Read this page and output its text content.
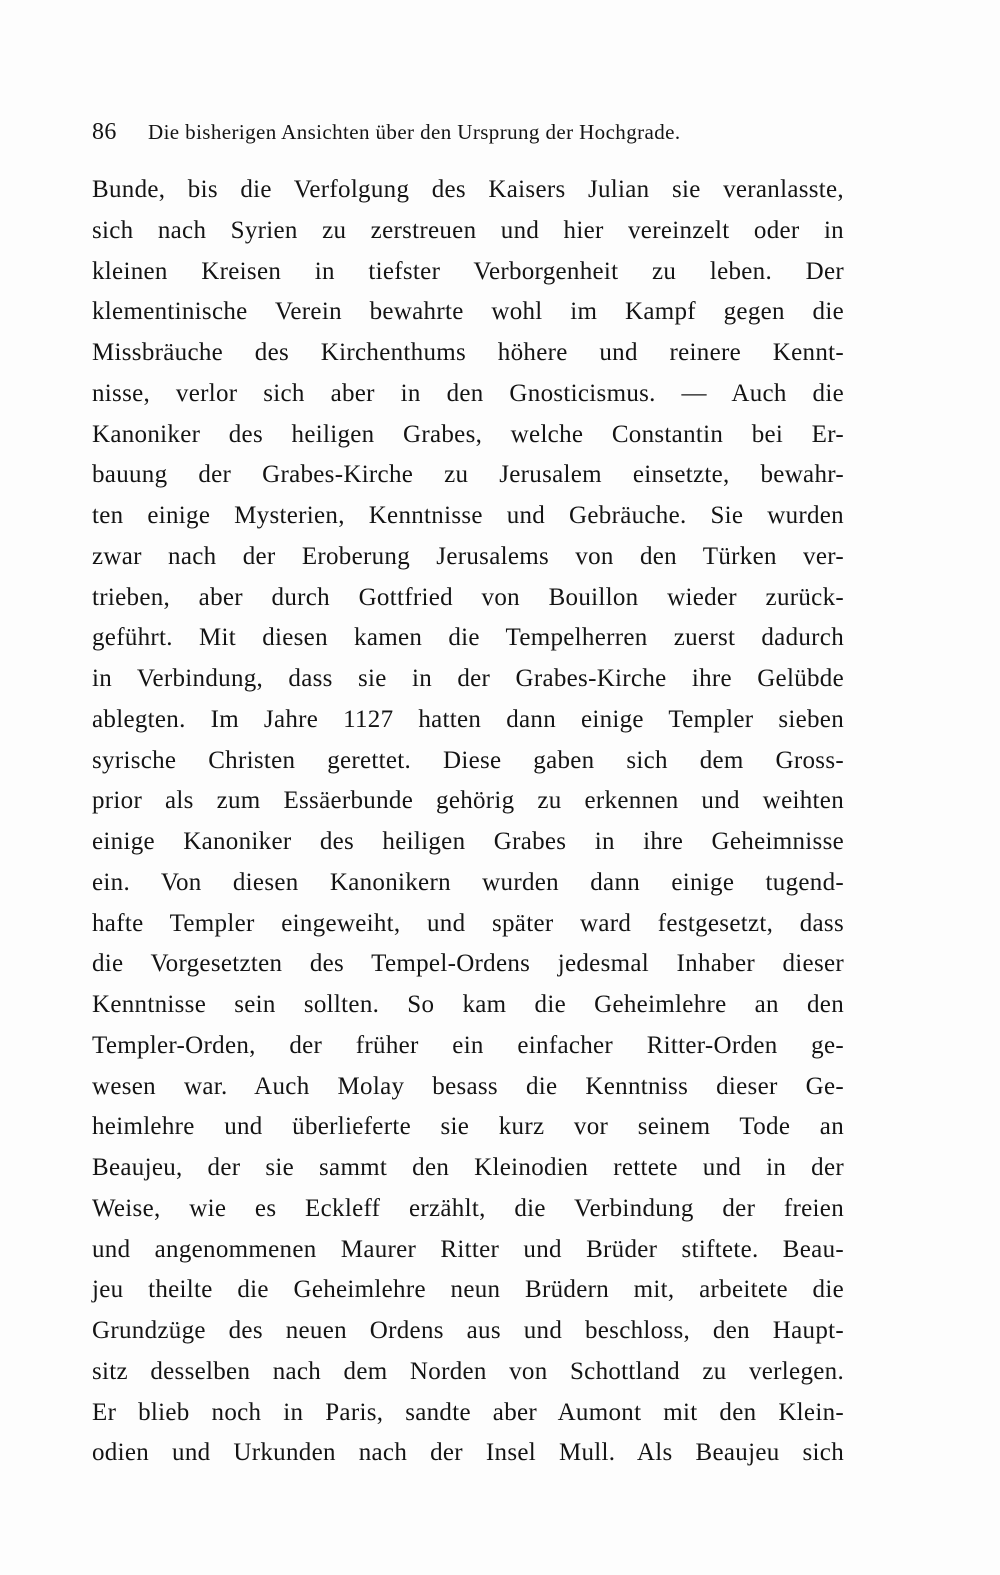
86 Die bisherigen Ansichten über den Ursprung der Hochgrade.
Bunde, bis die Verfolgung des Kaisers Julian sie veranlasste,
sich nach Syrien zu zerstreuen und hier vereinzelt oder in
kleinen Kreisen in tiefster Verborgenheit zu leben. Der
klementinische Verein bewahrte wohl im Kampf gegen die
Missbräuche des Kirchenthums höhere und reinere Kennt-
nisse, verlor sich aber in den Gnosticismus. — Auch die
Kanoniker des heiligen Grabes, welche Constantin bei Er-
bauung der Grabes-Kirche zu Jerusalem einsetzte, bewahr-
ten einige Mysterien, Kenntnisse und Gebräuche. Sie wurden
zwar nach der Eroberung Jerusalems von den Türken ver-
trieben, aber durch Gottfried von Bouillon wieder zurück-
geführt. Mit diesen kamen die Tempelherren zuerst dadurch
in Verbindung, dass sie in der Grabes-Kirche ihre Gelübde
ablegten. Im Jahre 1127 hatten dann einige Templer sieben
syrische Christen gerettet. Diese gaben sich dem Gross-
prior als zum Essäerbunde gehörig zu erkennen und weihten
einige Kanoniker des heiligen Grabes in ihre Geheimnisse
ein. Von diesen Kanonikern wurden dann einige tugend-
hafte Templer eingeweiht, und später ward festgesetzt, dass
die Vorgesetzten des Tempel-Ordens jedesmal Inhaber dieser
Kenntnisse sein sollten. So kam die Geheimlehre an den
Templer-Orden, der früher ein einfacher Ritter-Orden ge-
wesen war. Auch Molay besass die Kenntniss dieser Ge-
heimlehre und überlieferte sie kurz vor seinem Tode an
Beaujeu, der sie sammt den Kleinodien rettete und in der
Weise, wie es Eckleff erzählt, die Verbindung der freien
und angenommenen Maurer Ritter und Brüder stiftete. Beau-
jeu theilte die Geheimlehre neun Brüdern mit, arbeitete die
Grundzüge des neuen Ordens aus und beschloss, den Haupt-
sitz desselben nach dem Norden von Schottland zu verlegen.
Er blieb noch in Paris, sandte aber Aumont mit den Klein-
odien und Urkunden nach der Insel Mull. Als Beaujeu sich
